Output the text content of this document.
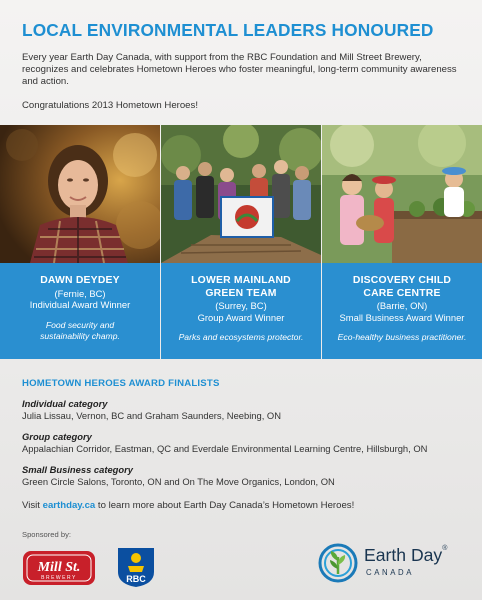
LOCAL ENVIRONMENTAL LEADERS HONOURED
Every year Earth Day Canada, with support from the RBC Foundation and Mill Street Brewery, recognizes and celebrates Hometown Heroes who foster meaningful, long-term community awareness and action.
Congratulations 2013 Hometown Heroes!
DAWN DEYDEY
(Fernie, BC)
Individual Award Winner
Food security and
sustainability champ.
LOWER MAINLAND
GREEN TEAM
(Surrey, BC)
Group Award Winner
Parks and ecosystems protector.
DISCOVERY CHILD
CARE CENTRE
(Barrie, ON)
Small Business Award Winner
Eco-healthy business practitioner.
HOMETOWN HEROES AWARD FINALISTS
Individual category
Julia Lissau, Vernon, BC and Graham Saunders, Neebing, ON
Group category
Appalachian Corridor, Eastman, QC and Everdale Environmental Learning Centre, Hillsburgh, ON
Small Business category
Green Circle Salons, Toronto, ON and On The Move Organics, London, ON
Visit earthday.ca to learn more about Earth Day Canada’s Hometown Heroes!
Sponsored by:
Mill St.
BREWERY	RBC
Earth Day®
CANADA
